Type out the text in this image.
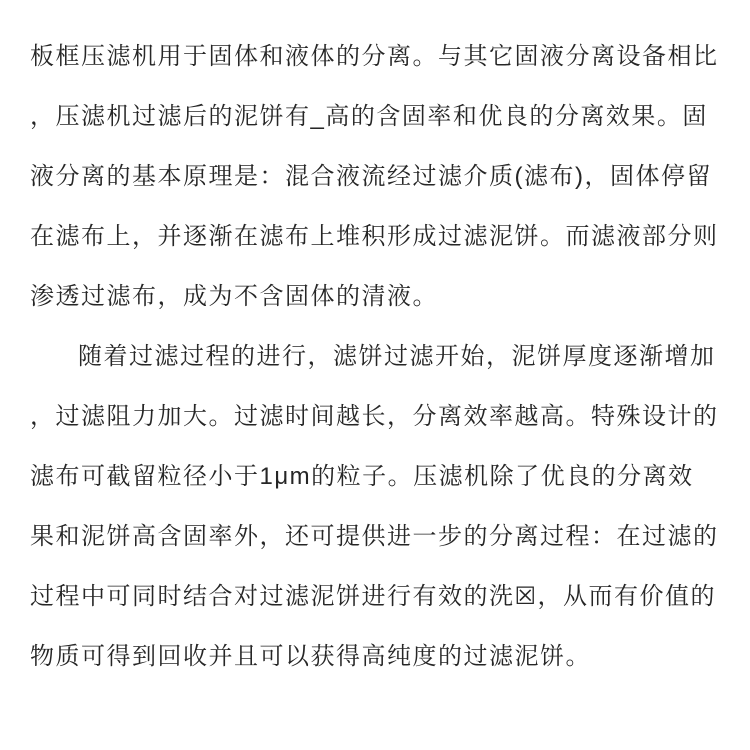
板框压滤机用于固体和液体的分离。与其它固液分离设备相比
，压滤机过滤后的泥饼有_高的含固率和优良的分离效果。固
液分离的基本原理是：混合液流经过滤介质(滤布)，固体停留
在滤布上，并逐渐在滤布上堆积形成过滤泥饼。而滤液部分则
渗透过滤布，成为不含固体的清液。
随着过滤过程的进行，滤饼过滤开始，泥饼厚度逐渐增加
，过滤阻力加大。过滤时间越长，分离效率越高。特殊设计的
滤布可截留粒径小于1μm的粒子。压滤机除了优良的分离效
果和泥饼高含固率外，还可提供进一步的分离过程：在过滤的
过程中可同时结合对过滤泥饼进行有效的洗☒，从而有价值的
物质可得到回收并且可以获得高纯度的过滤泥饼。
